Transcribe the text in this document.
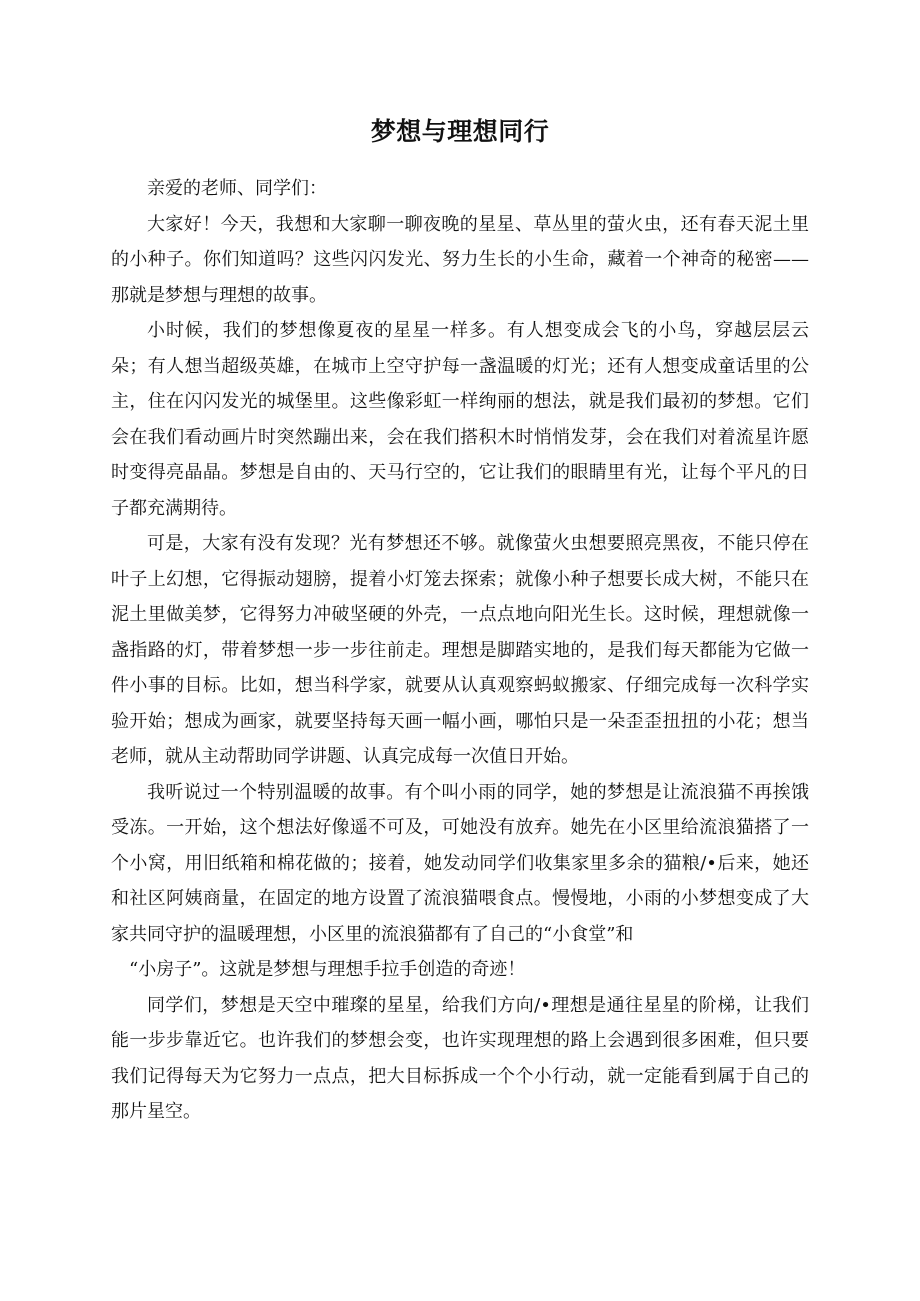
梦想与理想同行

亲爱的老师、同学们：

大家好！今天，我想和大家聊一聊夜晚的星星、草丛里的萤火虫，还有春天泥土里的小种子。你们知道吗？这些闪闪发光、努力生长的小生命，藏着一个神奇的秘密——那就是梦想与理想的故事。

小时候，我们的梦想像夏夜的星星一样多。有人想变成会飞的小鸟，穿越层层云朵；有人想当超级英雄，在城市上空守护每一盏温暖的灯光；还有人想变成童话里的公主，住在闪闪发光的城堡里。这些像彩虹一样绚丽的想法，就是我们最初的梦想。它们会在我们看动画片时突然蹦出来，会在我们搭积木时悄悄发芽，会在我们对着流星许愿时变得亮晶晶。梦想是自由的、天马行空的，它让我们的眼睛里有光，让每个平凡的日子都充满期待。

可是，大家有没有发现？光有梦想还不够。就像萤火虫想要照亮黑夜，不能只停在叶子上幻想，它得振动翅膀，提着小灯笼去探索；就像小种子想要长成大树，不能只在泥土里做美梦，它得努力冲破坚硬的外壳，一点点地向阳光生长。这时候，理想就像一盏指路的灯，带着梦想一步一步往前走。理想是脚踏实地的，是我们每天都能为它做一件小事的目标。比如，想当科学家，就要从认真观察蚂蚁搬家、仔细完成每一次科学实验开始；想成为画家，就要坚持每天画一幅小画，哪怕只是一朵歪歪扭扭的小花；想当老师，就从主动帮助同学讲题、认真完成每一次值日开始。

我听说过一个特别温暖的故事。有个叫小雨的同学，她的梦想是让流浪猫不再挨饿受冻。一开始，这个想法好像遥不可及，可她没有放弃。她先在小区里给流浪猫搭了一个小窝，用旧纸箱和棉花做的；接着，她发动同学们收集家里多余的猫粮/•后来，她还和社区阿姨商量，在固定的地方设置了流浪猫喂食点。慢慢地，小雨的小梦想变成了大家共同守护的温暖理想，小区里的流浪猫都有了自己的“小食堂”和

“小房子”。这就是梦想与理想手拉手创造的奇迹！

同学们，梦想是天空中璀璨的星星，给我们方向/•理想是通往星星的阶梯，让我们能一步步靠近它。也许我们的梦想会变，也许实现理想的路上会遇到很多困难，但只要我们记得每天为它努力一点点，把大目标拆成一个个小行动，就一定能看到属于自己的那片星空。
